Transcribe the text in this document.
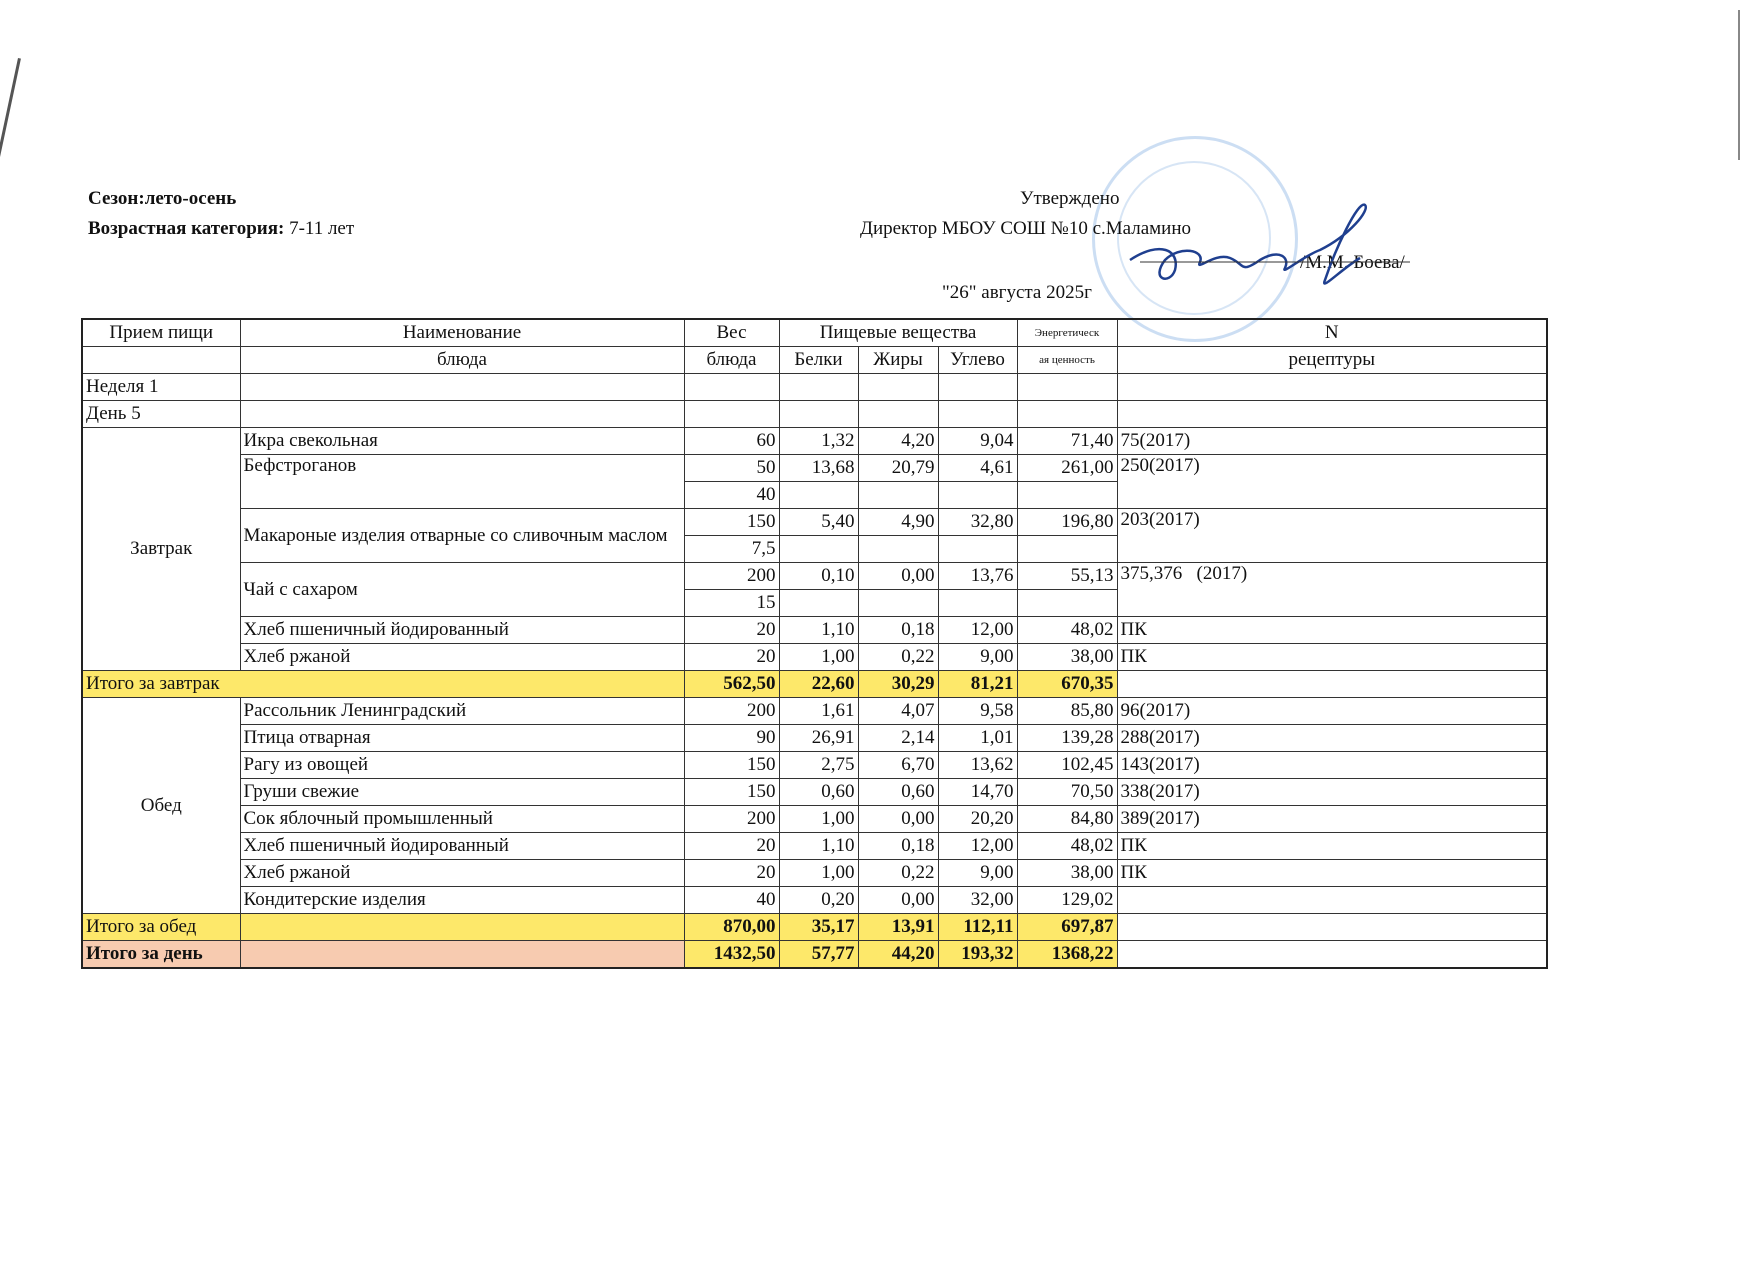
Сезон:лето-осень
Возрастная категория: 7-11 лет
Утверждено
Директор МБОУ СОШ №10 с.Маламино
/М.М. Боева/
"26" августа 2025г
Прием пищи	Наименование	Вес	Пищевые вещества			Энергетическ	N
	блюда	блюда	Белки	Жиры	Углево	ая ценность	рецептуры
Неделя 1							
День 5							
Завтрак	Икра свекольная	60	1,32	4,20	9,04	71,40	75(2017)
	Бефстроганов	50	13,68	20,79	4,61	261,00	250(2017)
		40					
	Макароные изделия отварные со сливочным маслом	150	5,40	4,90	32,80	196,80	203(2017)
		7,5					
	Чай с сахаром	200	0,10	0,00	13,76	55,13	375,376   (2017)
		15					
	Хлеб пшеничный йодированный	20	1,10	0,18	12,00	48,02	ПК
	Хлеб ржаной	20	1,00	0,22	9,00	38,00	ПК
Итого за завтрак		562,50	22,60	30,29	81,21	670,35	
Обед	Рассольник Ленинградский	200	1,61	4,07	9,58	85,80	96(2017)
	Птица отварная	90	26,91	2,14	1,01	139,28	288(2017)
	Рагу из овощей	150	2,75	6,70	13,62	102,45	143(2017)
	Груши свежие	150	0,60	0,60	14,70	70,50	338(2017)
	Сок яблочный промышленный	200	1,00	0,00	20,20	84,80	389(2017)
	Хлеб пшеничный йодированный	20	1,10	0,18	12,00	48,02	ПК
	Хлеб ржаной	20	1,00	0,22	9,00	38,00	ПК
	Кондитерские изделия	40	0,20	0,00	32,00	129,02	
Итого за обед		870,00	35,17	13,91	112,11	697,87	
Итого за день		1432,50	57,77	44,20	193,32	1368,22	
